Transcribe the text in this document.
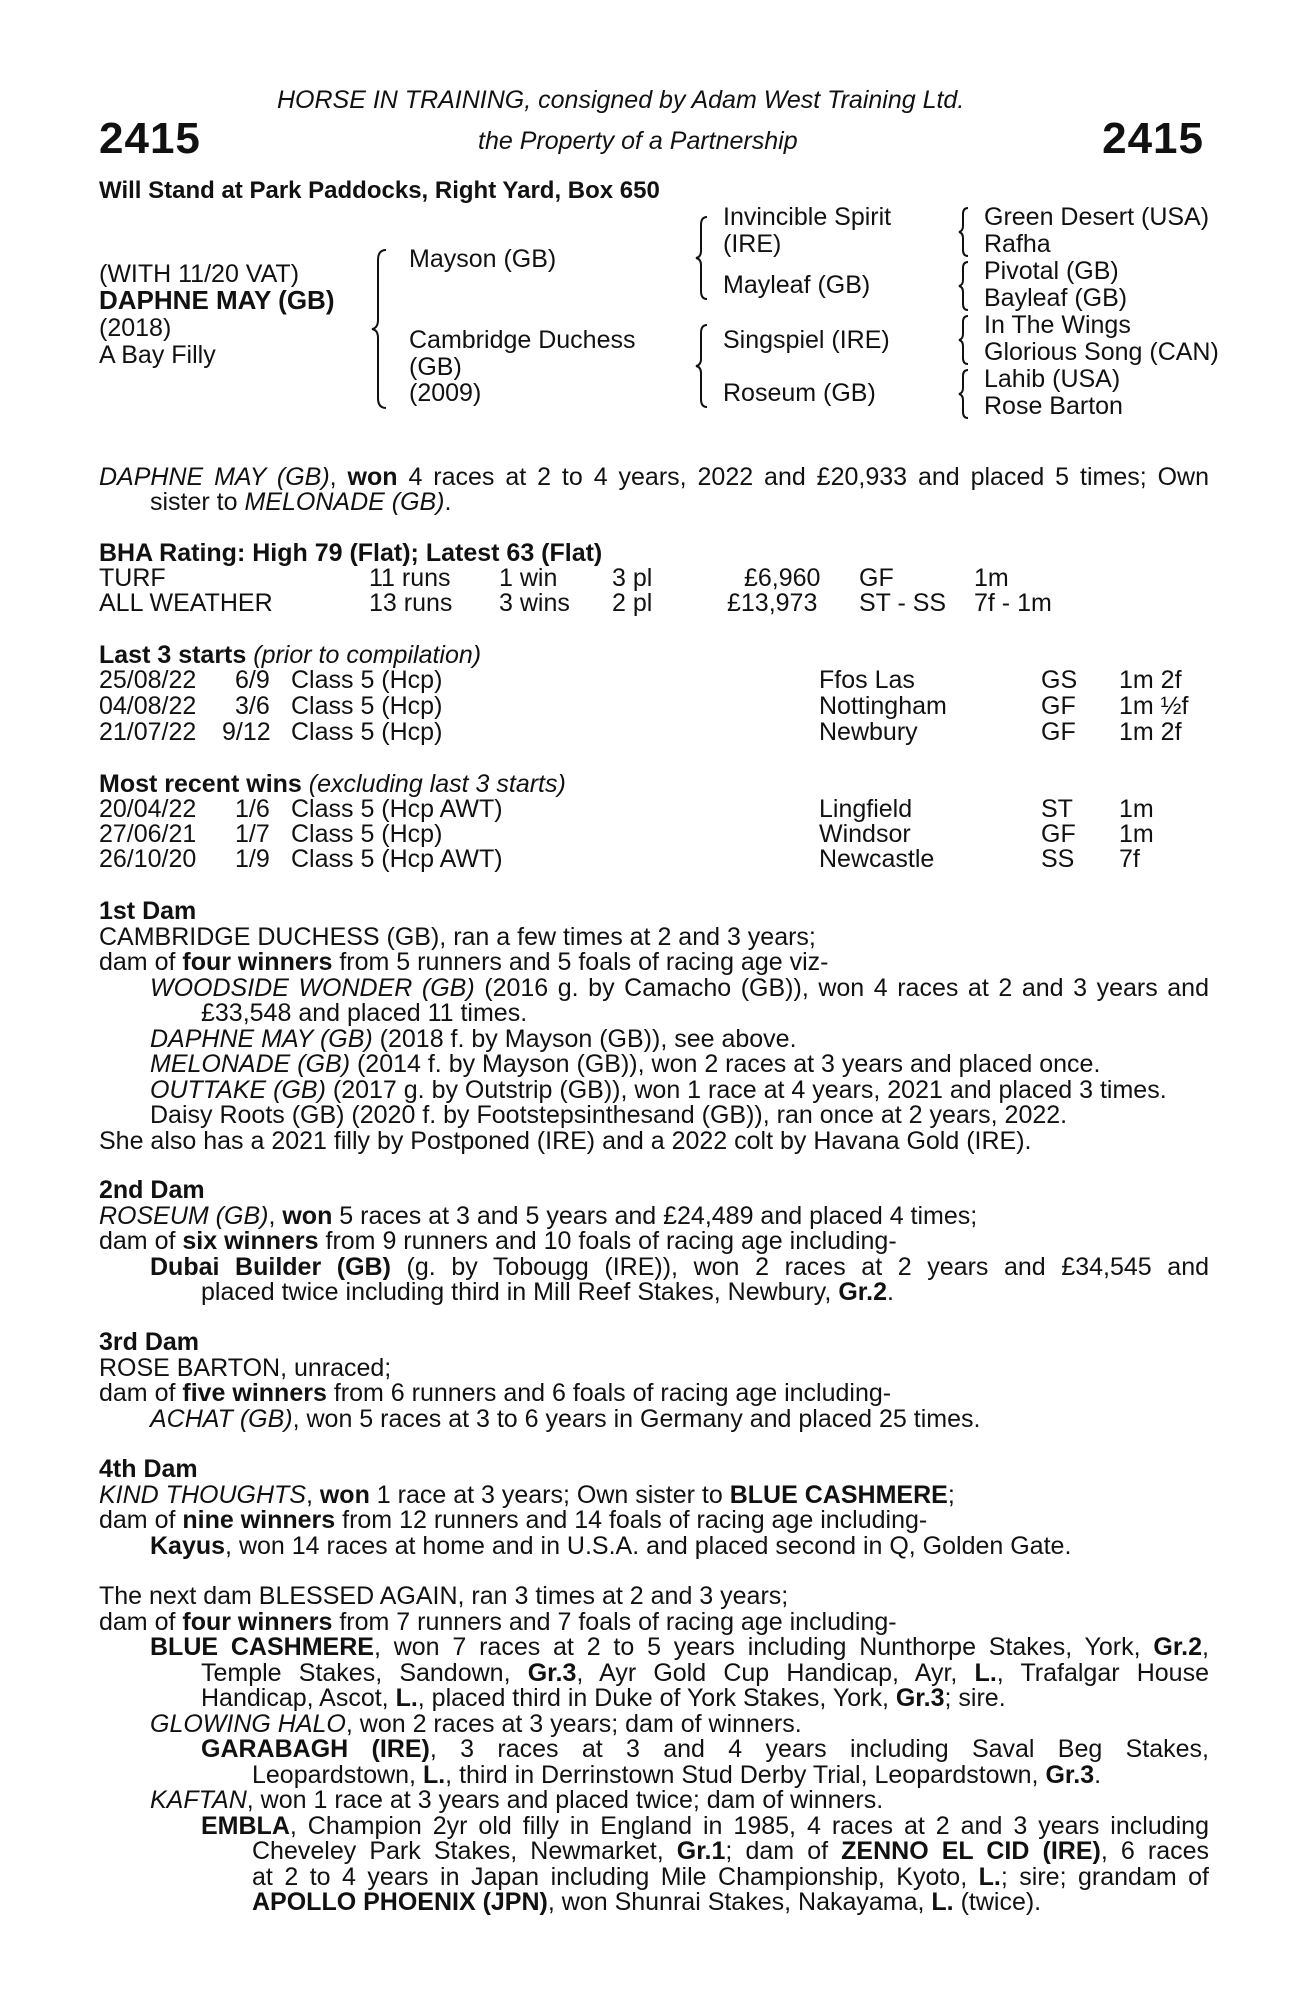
2415	2415
HORSE IN TRAINING, consigned by Adam West Training Ltd.
the Property of a Partnership
Will Stand at Park Paddocks, Right Yard, Box 650
(WITH 11/20 VAT)
DAPHNE MAY (GB)
(2018)
A Bay Filly
Mayson (GB)
Cambridge Duchess
(GB)
(2009)
Invincible Spirit
(IRE)
Mayleaf (GB)
Singspiel (IRE)
Roseum (GB)
Green Desert (USA)
Rafha
Pivotal (GB)
Bayleaf (GB)
In The Wings
Glorious Song (CAN)
Lahib (USA)
Rose Barton
DAPHNE MAY (GB), won 4 races at 2 to 4 years, 2022 and £20,933 and placed 5 times; Own
sister to MELONADE (GB).
BHA Rating: High 79 (Flat); Latest 63 (Flat)
TURF	11 runs 1 win 3 pl	£6,960 GF	1m
ALL WEATHER	13 runs 3 wins 2 pl	£13,973 ST - SS 7f - 1m
Last 3 starts (prior to compilation)
25/08/22 6/9 Class 5 (Hcp)	Ffos Las	GS 1m 2f
04/08/22 3/6 Class 5 (Hcp)	Nottingham	GF 1m ½f
21/07/22 9/12 Class 5 (Hcp)	Newbury	GF 1m 2f
Most recent wins (excluding last 3 starts)
20/04/22 1/6 Class 5 (Hcp AWT)	Lingfield	ST 1m
27/06/21 1/7 Class 5 (Hcp)	Windsor	GF 1m
26/10/20 1/9 Class 5 (Hcp AWT)	Newcastle	SS 7f
1st Dam
CAMBRIDGE DUCHESS (GB), ran a few times at 2 and 3 years;
dam of four winners from 5 runners and 5 foals of racing age viz-
WOODSIDE WONDER (GB) (2016 g. by Camacho (GB)), won 4 races at 2 and 3 years and
£33,548 and placed 11 times.
DAPHNE MAY (GB) (2018 f. by Mayson (GB)), see above.
MELONADE (GB) (2014 f. by Mayson (GB)), won 2 races at 3 years and placed once.
OUTTAKE (GB) (2017 g. by Outstrip (GB)), won 1 race at 4 years, 2021 and placed 3 times.
Daisy Roots (GB) (2020 f. by Footstepsinthesand (GB)), ran once at 2 years, 2022.
She also has a 2021 filly by Postponed (IRE) and a 2022 colt by Havana Gold (IRE).
2nd Dam
ROSEUM (GB), won 5 races at 3 and 5 years and £24,489 and placed 4 times;
dam of six winners from 9 runners and 10 foals of racing age including-
Dubai Builder (GB) (g. by Tobougg (IRE)), won 2 races at 2 years and £34,545 and
placed twice including third in Mill Reef Stakes, Newbury, Gr.2.
3rd Dam
ROSE BARTON, unraced;
dam of five winners from 6 runners and 6 foals of racing age including-
ACHAT (GB), won 5 races at 3 to 6 years in Germany and placed 25 times.
4th Dam
KIND THOUGHTS, won 1 race at 3 years; Own sister to BLUE CASHMERE;
dam of nine winners from 12 runners and 14 foals of racing age including-
Kayus, won 14 races at home and in U.S.A. and placed second in Q, Golden Gate.
The next dam BLESSED AGAIN, ran 3 times at 2 and 3 years;
dam of four winners from 7 runners and 7 foals of racing age including-
BLUE CASHMERE, won 7 races at 2 to 5 years including Nunthorpe Stakes, York, Gr.2,
Temple Stakes, Sandown, Gr.3, Ayr Gold Cup Handicap, Ayr, L., Trafalgar House
Handicap, Ascot, L., placed third in Duke of York Stakes, York, Gr.3; sire.
GLOWING HALO, won 2 races at 3 years; dam of winners.
GARABAGH (IRE), 3 races at 3 and 4 years including Saval Beg Stakes,
Leopardstown, L., third in Derrinstown Stud Derby Trial, Leopardstown, Gr.3.
KAFTAN, won 1 race at 3 years and placed twice; dam of winners.
EMBLA, Champion 2yr old filly in England in 1985, 4 races at 2 and 3 years including
Cheveley Park Stakes, Newmarket, Gr.1; dam of ZENNO EL CID (IRE), 6 races
at 2 to 4 years in Japan including Mile Championship, Kyoto, L.; sire; grandam of
APOLLO PHOENIX (JPN), won Shunrai Stakes, Nakayama, L. (twice).
